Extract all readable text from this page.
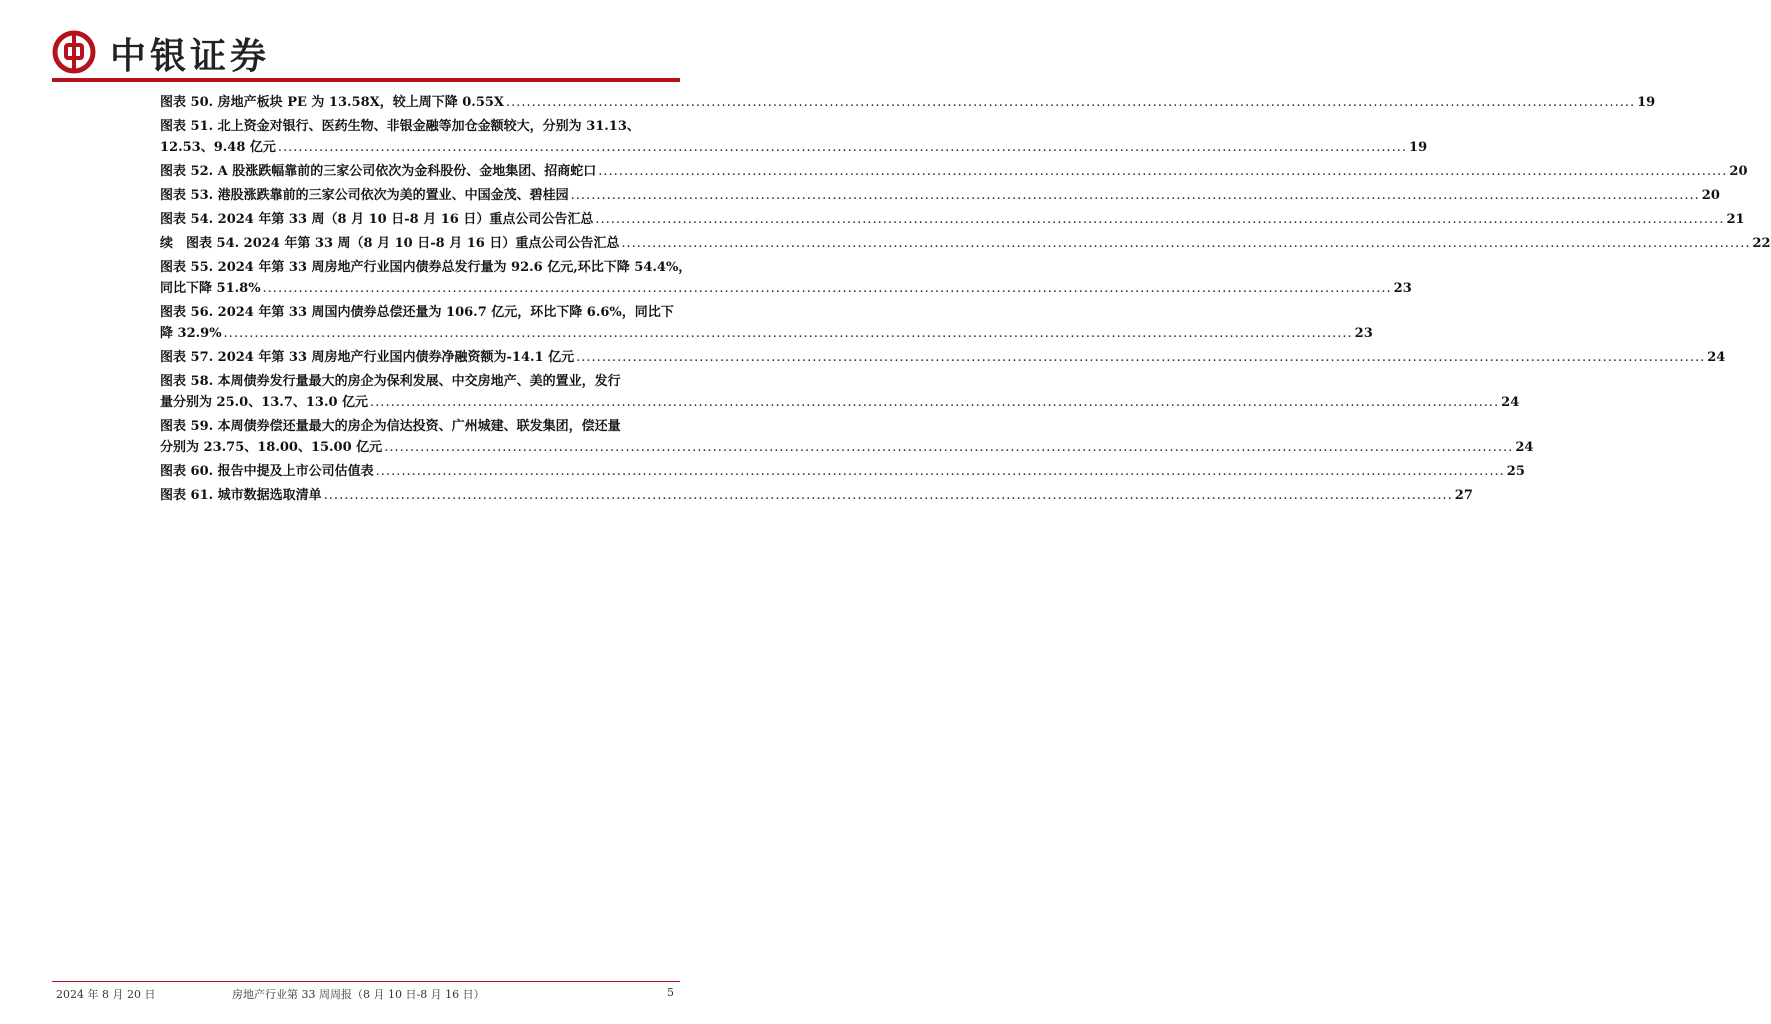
中银证券
图表 50. 房地产板块 PE 为 13.58X，较上周下降 0.55X .....	19
图表 51. 北上资金对银行、医药生物、非银金融等加仓金额较大，分别为 31.13、
12.53、9.48 亿元 .....	19
图表 52. A 股涨跌幅靠前的三家公司依次为金科股份、金地集团、招商蛇口 .....	20
图表 53. 港股涨跌靠前的三家公司依次为美的置业、中国金茂、碧桂园 .....	20
图表 54. 2024 年第 33 周（8 月 10 日-8 月 16 日）重点公司公告汇总 .....	21
续　图表 54. 2024 年第 33 周（8 月 10 日-8 月 16 日）重点公司公告汇总 .....	22
图表 55. 2024 年第 33 周房地产行业国内债券总发行量为 92.6 亿元,环比下降 54.4%，
同比下降 51.8% .....	23
图表 56. 2024 年第 33 周国内债券总偿还量为 106.7 亿元，环比下降 6.6%，同比下
降 32.9% .....	23
图表 57. 2024 年第 33 周房地产行业国内债券净融资额为-14.1 亿元 .....	24
图表 58. 本周债券发行量最大的房企为保利发展、中交房地产、美的置业，发行
量分别为 25.0、13.7、13.0 亿元 .....	24
图表 59. 本周债券偿还量最大的房企为信达投资、广州城建、联发集团，偿还量
分别为 23.75、18.00、15.00 亿元 .....	24
图表 60. 报告中提及上市公司估值表 .....	25
图表 61. 城市数据选取清单 .....	27
2024 年 8 月 20 日	房地产行业第 33 周周报（8 月 10 日-8 月 16 日）	5
